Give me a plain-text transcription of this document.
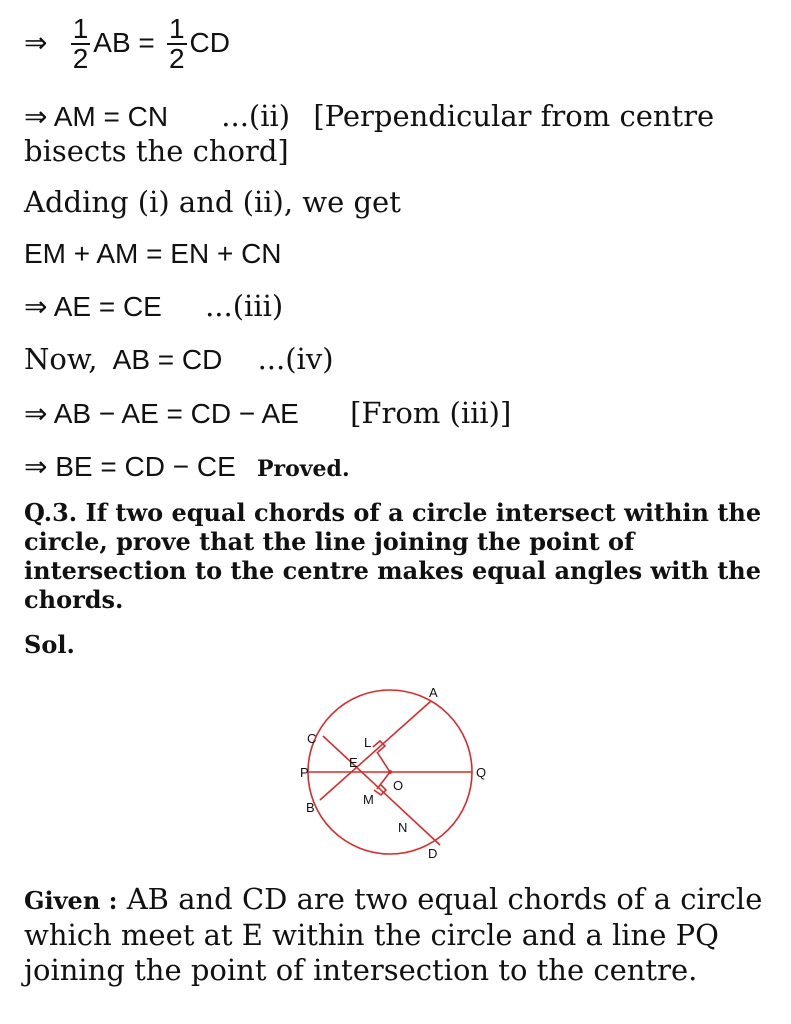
⇒ $\frac{1}{2}$ AB = $\frac{1}{2}$ CD
⇒ AM = CN ...(ii) [Perpendicular from centre
bisects the chord]
Adding (i) and (ii), we get
EM + AM = EN + CN
⇒ AE = CE ...(iii)
Now, AB = CD ...(iv)
⇒ AB − AE = CD − AE [From (iii)]
⇒ BE = CD − CE Proved.
Q.3. If two equal chords of a circle intersect within the circle, prove that the line joining the point of intersection to the centre makes equal angles with the chords.
Sol.
A
B
C
D
E
L
M
N
O
P	Q
Given : AB and CD are two equal chords of a circle which meet at E within the circle and a line PQ joining the point of intersection to the centre.
